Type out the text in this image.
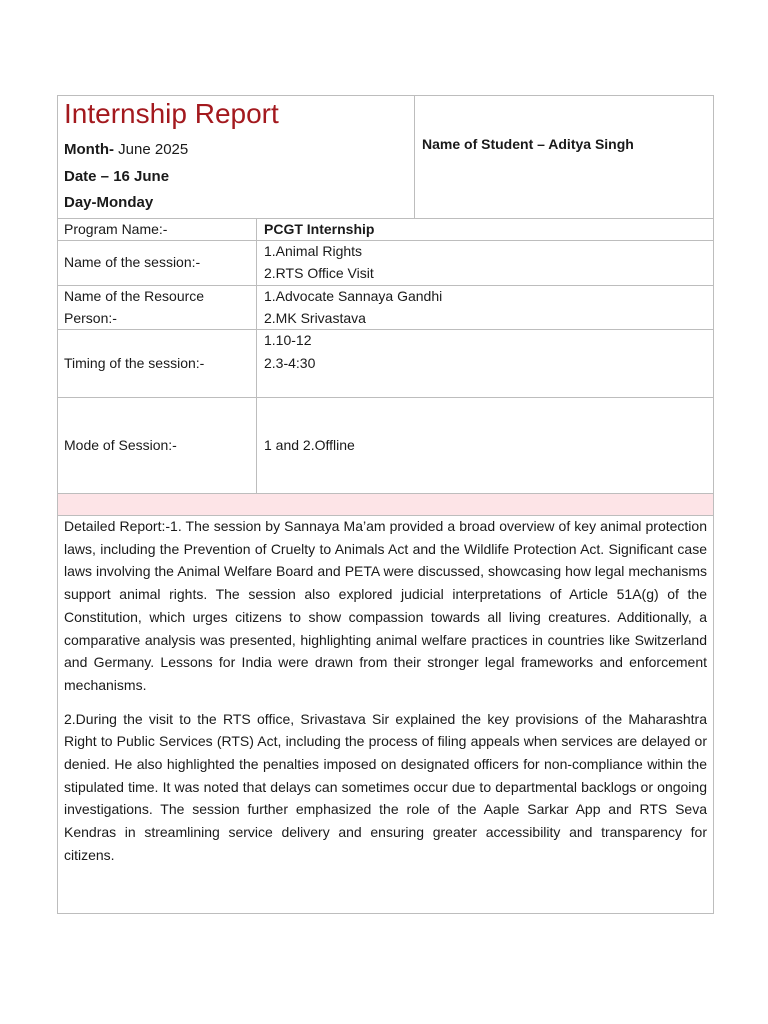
Internship Report
Month- June 2025
Date – 16 June
Day-Monday
Name of Student – Aditya Singh
Program Name:-	PCGT Internship
Name of the session:-
1.Animal Rights
2.RTS Office Visit
Name of the Resource
Person:-
1.Advocate Sannaya Gandhi
2.MK Srivastava
Timing of the session:-
1.10-12
2.3-4:30
Mode of Session:-	1 and 2.Offline

Detailed Report:-1. The session by Sannaya Ma’am provided a broad overview of key animal protection laws, including the Prevention of Cruelty to Animals Act and the Wildlife Protection Act. Significant case laws involving the Animal Welfare Board and PETA were discussed, showcasing how legal mechanisms support animal rights. The session also explored judicial interpretations of Article 51A(g) of the Constitution, which urges citizens to show compassion towards all living creatures. Additionally, a comparative analysis was presented, highlighting animal welfare practices in countries like Switzerland and Germany. Lessons for India were drawn from their stronger legal frameworks and enforcement mechanisms.

2.During the visit to the RTS office, Srivastava Sir explained the key provisions of the Maharashtra Right to Public Services (RTS) Act, including the process of filing appeals when services are delayed or denied. He also highlighted the penalties imposed on designated officers for non-compliance within the stipulated time. It was noted that delays can sometimes occur due to departmental backlogs or ongoing investigations. The session further emphasized the role of the Aaple Sarkar App and RTS Seva Kendras in streamlining service delivery and ensuring greater accessibility and transparency for citizens.
